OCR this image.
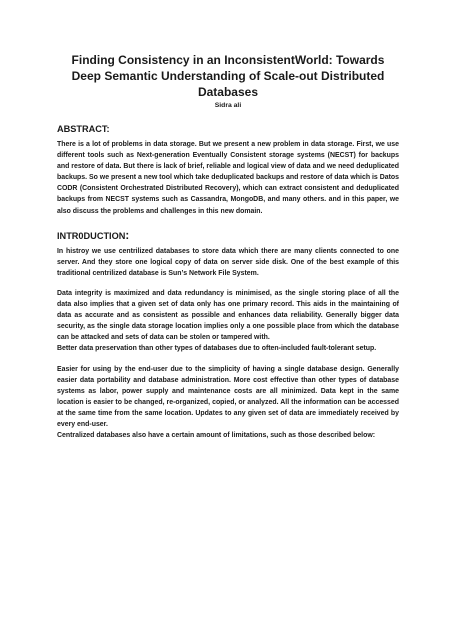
Finding Consistency in an InconsistentWorld: Towards Deep Semantic Understanding of Scale-out Distributed Databases
Sidra ali
ABSTRACT:

There is a lot of problems in data storage. But we present a new problem in data storage. First, we use different tools such as Next-generation Eventually Consistent storage systems (NECST) for backups and restore of data. But there is lack of brief, reliable and logical view of data and we need deduplicated backups. So we present a new tool which take deduplicated backups and restore of data which is Datos CODR (Consistent Orchestrated Distributed Recovery), which can extract consistent and deduplicated backups from NECST systems such as Cassandra, MongoDB, and many others. and in this paper, we also discuss the problems and challenges in this new domain.

INTR0DUCTION:

In histroy we use centrilized databases to store data which there are many clients connected to one server. And they store one logical copy of data on server side disk. One of the best example of this traditional centrilized database is Sun’s Network File System.

Data integrity is maximized and data redundancy is minimised, as the single storing place of all the data also implies that a given set of data only has one primary record. This aids in the maintaining of data as accurate and as consistent as possible and enhances data reliability. Generally bigger data security, as the single data storage location implies only a one possible place from which the database can be attacked and sets of data can be stolen or tampered with.

Better data preservation than other types of databases due to often-included fault-tolerant setup.

Easier for using by the end-user due to the simplicity of having a single database design. Generally easier data portability and database administration. More cost effective than other types of database systems as labor, power supply and maintenance costs are all minimized. Data kept in the same location is easier to be changed, re-organized, copied, or analyzed. All the information can be accessed at the same time from the same location. Updates to any given set of data are immediately received by every end-user.

Centralized databases also have a certain amount of limitations, such as those described below:
